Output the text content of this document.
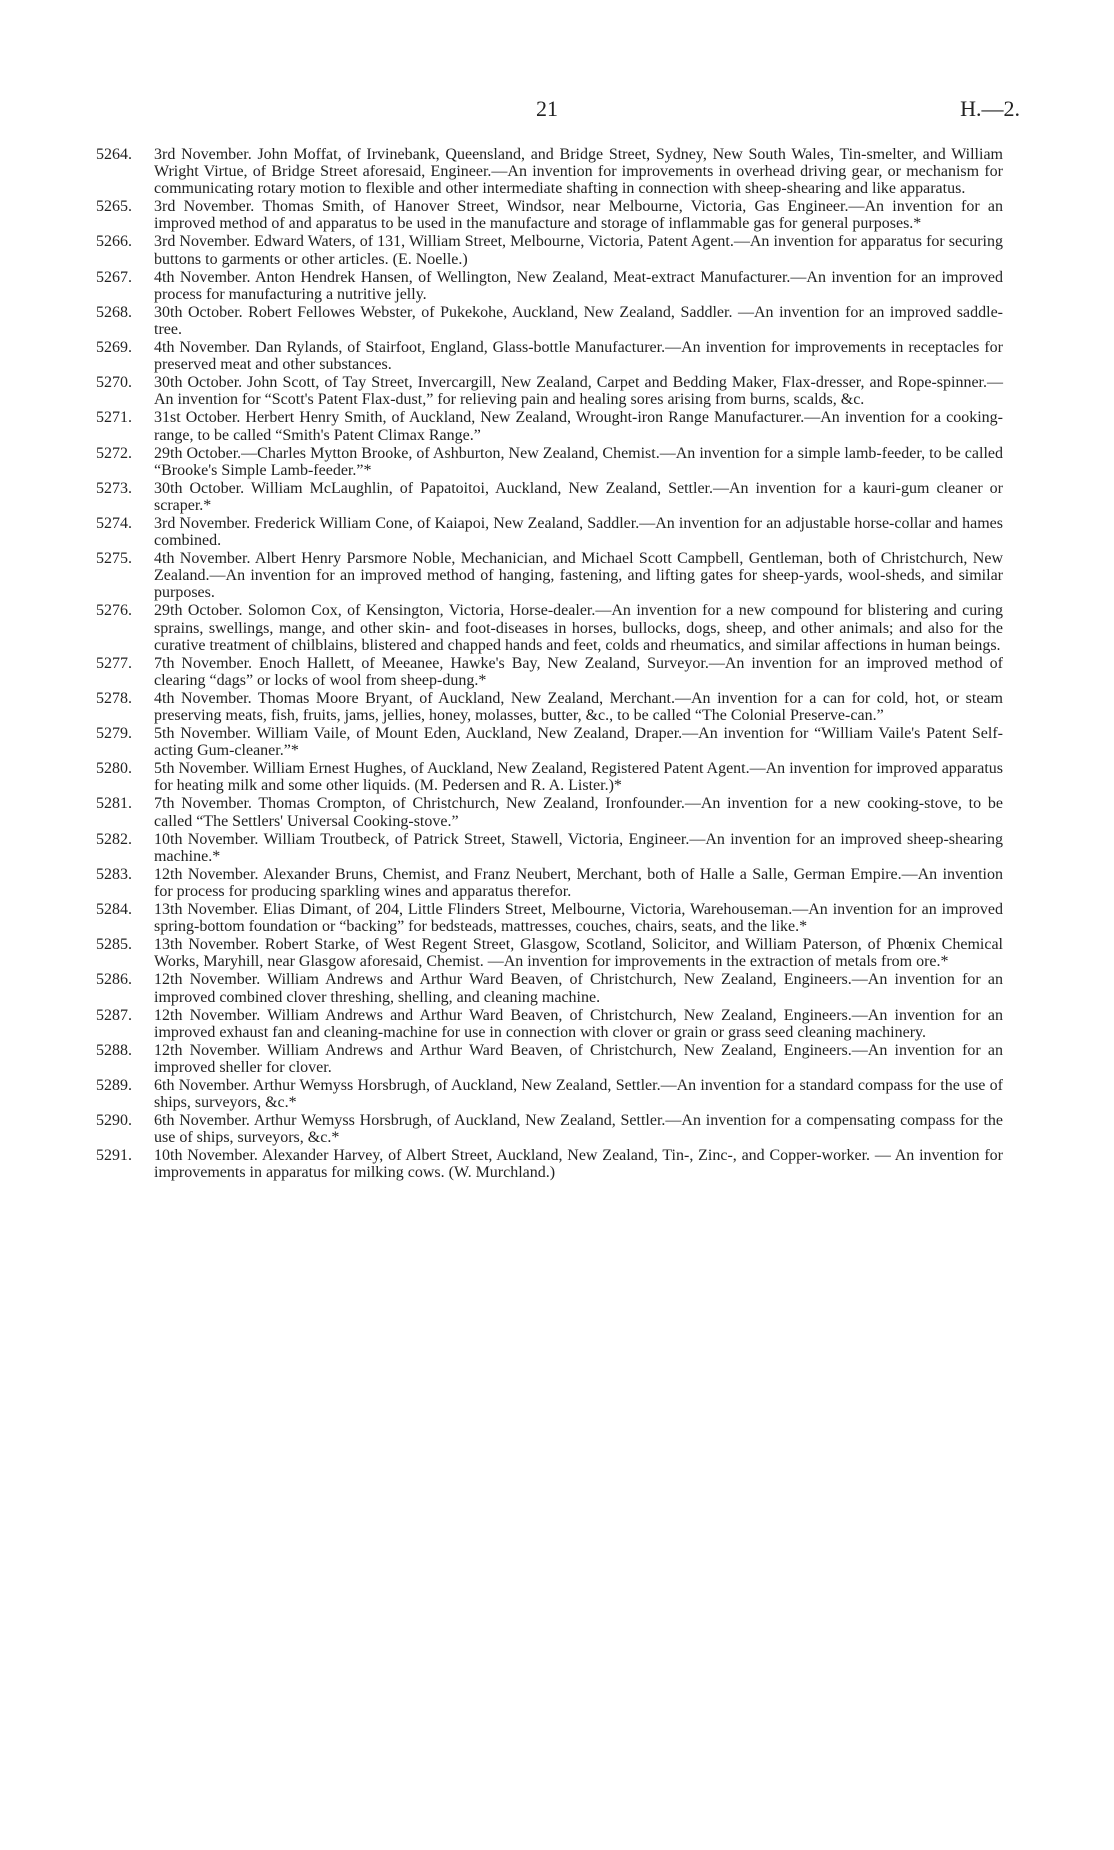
21	H.—2.
5264.	3rd November. John Moffat, of Irvinebank, Queensland, and Bridge Street, Sydney, New South Wales, Tin-smelter, and William Wright Virtue, of Bridge Street aforesaid, Engineer.—An invention for improvements in overhead driving gear, or mechanism for communicating rotary motion to flexible and other intermediate shafting in connection with sheep-shearing and like apparatus.
5265.	3rd November. Thomas Smith, of Hanover Street, Windsor, near Melbourne, Victoria, Gas Engineer.—An invention for an improved method of and apparatus to be used in the manufacture and storage of inflammable gas for general purposes.*
5266.	3rd November. Edward Waters, of 131, William Street, Melbourne, Victoria, Patent Agent.—An invention for apparatus for securing buttons to garments or other articles. (E. Noelle.)
5267.	4th November. Anton Hendrek Hansen, of Wellington, New Zealand, Meat-extract Manufacturer.—An invention for an improved process for manufacturing a nutritive jelly.
5268.	30th October. Robert Fellowes Webster, of Pukekohe, Auckland, New Zealand, Saddler. —An invention for an improved saddle-tree.
5269.	4th November. Dan Rylands, of Stairfoot, England, Glass-bottle Manufacturer.—An invention for improvements in receptacles for preserved meat and other substances.
5270.	30th October. John Scott, of Tay Street, Invercargill, New Zealand, Carpet and Bedding Maker, Flax-dresser, and Rope-spinner.—An invention for “Scott's Patent Flax-dust,” for relieving pain and healing sores arising from burns, scalds, &c.
5271.	31st October. Herbert Henry Smith, of Auckland, New Zealand, Wrought-iron Range Manufacturer.—An invention for a cooking-range, to be called “Smith's Patent Climax Range.”
5272.	29th October.—Charles Mytton Brooke, of Ashburton, New Zealand, Chemist.—An invention for a simple lamb-feeder, to be called “Brooke's Simple Lamb-feeder.”*
5273.	30th October. William McLaughlin, of Papatoitoi, Auckland, New Zealand, Settler.—An invention for a kauri-gum cleaner or scraper.*
5274.	3rd November. Frederick William Cone, of Kaiapoi, New Zealand, Saddler.—An invention for an adjustable horse-collar and hames combined.
5275.	4th November. Albert Henry Parsmore Noble, Mechanician, and Michael Scott Campbell, Gentleman, both of Christchurch, New Zealand.—An invention for an improved method of hanging, fastening, and lifting gates for sheep-yards, wool-sheds, and similar purposes.
5276.	29th October. Solomon Cox, of Kensington, Victoria, Horse-dealer.—An invention for a new compound for blistering and curing sprains, swellings, mange, and other skin- and foot-diseases in horses, bullocks, dogs, sheep, and other animals; and also for the curative treatment of chilblains, blistered and chapped hands and feet, colds and rheumatics, and similar affections in human beings.
5277.	7th November. Enoch Hallett, of Meeanee, Hawke's Bay, New Zealand, Surveyor.—An invention for an improved method of clearing “dags” or locks of wool from sheep-dung.*
5278.	4th November. Thomas Moore Bryant, of Auckland, New Zealand, Merchant.—An invention for a can for cold, hot, or steam preserving meats, fish, fruits, jams, jellies, honey, molasses, butter, &c., to be called “The Colonial Preserve-can.”
5279.	5th November. William Vaile, of Mount Eden, Auckland, New Zealand, Draper.—An invention for “William Vaile's Patent Self-acting Gum-cleaner.”*
5280.	5th November. William Ernest Hughes, of Auckland, New Zealand, Registered Patent Agent.—An invention for improved apparatus for heating milk and some other liquids. (M. Pedersen and R. A. Lister.)*
5281.	7th November. Thomas Crompton, of Christchurch, New Zealand, Ironfounder.—An invention for a new cooking-stove, to be called “The Settlers' Universal Cooking-stove.”
5282.	10th November. William Troutbeck, of Patrick Street, Stawell, Victoria, Engineer.—An invention for an improved sheep-shearing machine.*
5283.	12th November. Alexander Bruns, Chemist, and Franz Neubert, Merchant, both of Halle a Salle, German Empire.—An invention for process for producing sparkling wines and apparatus therefor.
5284.	13th November. Elias Dimant, of 204, Little Flinders Street, Melbourne, Victoria, Warehouseman.—An invention for an improved spring-bottom foundation or “backing” for bedsteads, mattresses, couches, chairs, seats, and the like.*
5285.	13th November. Robert Starke, of West Regent Street, Glasgow, Scotland, Solicitor, and William Paterson, of Phœnix Chemical Works, Maryhill, near Glasgow aforesaid, Chemist. —An invention for improvements in the extraction of metals from ore.*
5286.	12th November. William Andrews and Arthur Ward Beaven, of Christchurch, New Zealand, Engineers.—An invention for an improved combined clover threshing, shelling, and cleaning machine.
5287.	12th November. William Andrews and Arthur Ward Beaven, of Christchurch, New Zealand, Engineers.—An invention for an improved exhaust fan and cleaning-machine for use in connection with clover or grain or grass seed cleaning machinery.
5288.	12th November. William Andrews and Arthur Ward Beaven, of Christchurch, New Zealand, Engineers.—An invention for an improved sheller for clover.
5289.	6th November. Arthur Wemyss Horsbrugh, of Auckland, New Zealand, Settler.—An invention for a standard compass for the use of ships, surveyors, &c.*
5290.	6th November. Arthur Wemyss Horsbrugh, of Auckland, New Zealand, Settler.—An invention for a compensating compass for the use of ships, surveyors, &c.*
5291.	10th November. Alexander Harvey, of Albert Street, Auckland, New Zealand, Tin-, Zinc-, and Copper-worker. — An invention for improvements in apparatus for milking cows. (W. Murchland.)
